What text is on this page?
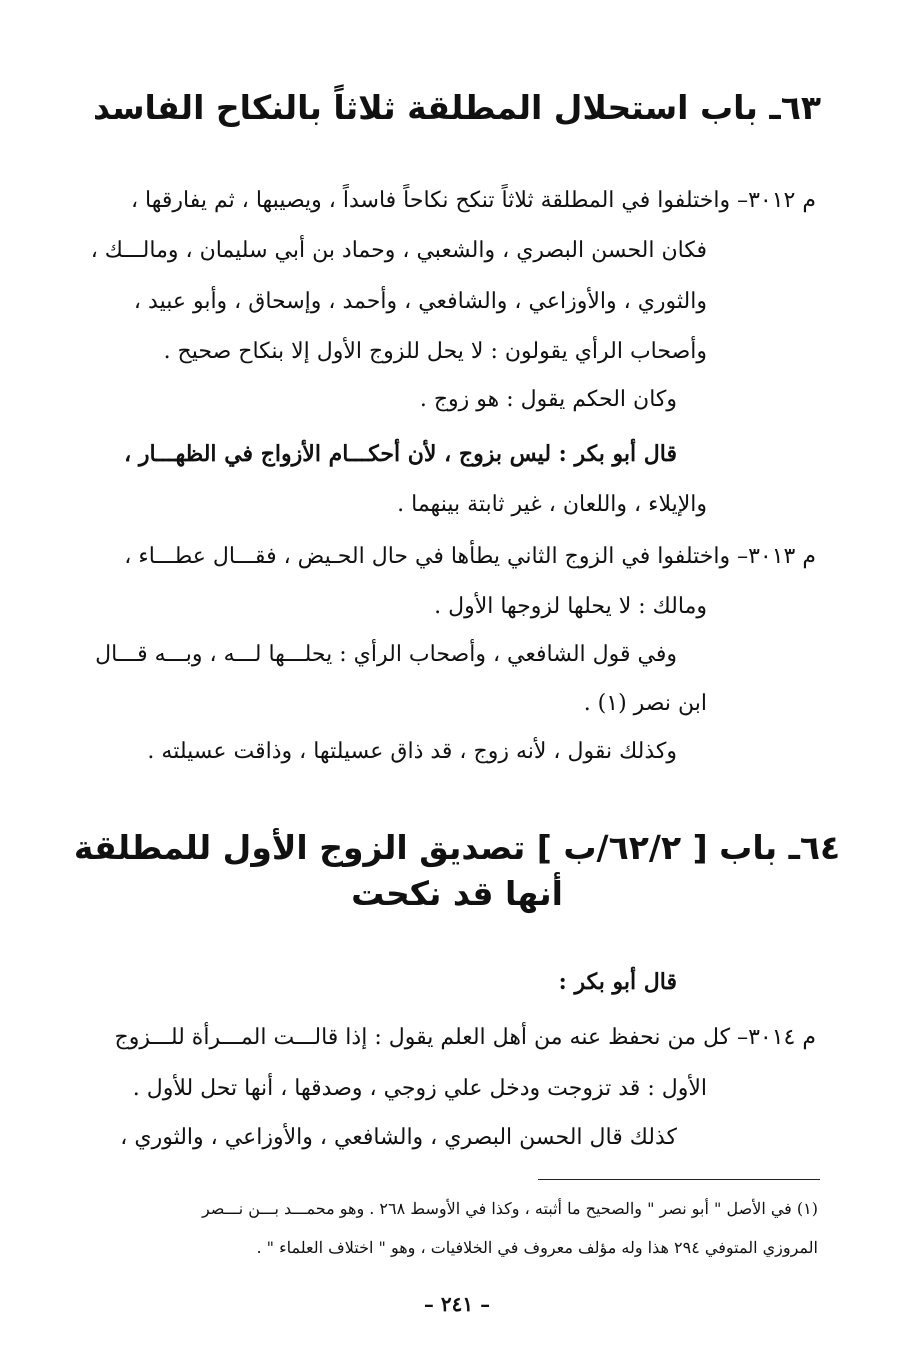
٦٣ـ باب استحلال المطلقة ثلاثاً بالنكاح الفاسد
م ٣٠١٢– واختلفوا في المطلقة ثلاثاً تنكح نكاحاً فاسداً ، ويصيبها ، ثم يفارقها ،
فكان الحسن البصري ، والشعبي ، وحماد بن أبي سليمان ، ومالـــك ،
والثوري ، والأوزاعي ، والشافعي ، وأحمد ، وإسحاق ، وأبو عبيد ،
وأصحاب الرأي يقولون : لا يحل للزوج الأول إلا بنكاح صحيح .
وكان الحكم يقول : هو زوج .
قال أبو بكر : ليس بزوج ، لأن أحكـــام الأزواج في الظهـــار ،
والإيلاء ، واللعان ، غير ثابتة بينهما .
م ٣٠١٣– واختلفوا في الزوج الثاني يطأها في حال الحـيض ، فقـــال عطـــاء ،
ومالك : لا يحلها لزوجها الأول .
وفي قول الشافعي ، وأصحاب الرأي : يحلـــها لـــه ، وبـــه قـــال
ابن نصر (١) .
وكذلك نقول ، لأنه زوج ، قد ذاق عسيلتها ، وذاقت عسيلته .
٦٤ـ باب [ ٦٢/٢/ب ] تصديق الزوج الأول للمطلقة
أنها قد نكحت
قال أبو بكر :
م ٣٠١٤– كل من نحفظ عنه من أهل العلم يقول : إذا قالـــت المـــرأة للـــزوج
الأول : قد تزوجت ودخل علي زوجي ، وصدقها ، أنها تحل للأول .
كذلك قال الحسن البصري ، والشافعي ، والأوزاعي ، والثوري ،
(١) في الأصل " أبو نصر " والصحيح ما أثبته ، وكذا في الأوسط ٢٦٨ . وهو محمـــد بـــن نـــصر
المروزي المتوفي ٢٩٤ هذا وله مؤلف معروف في الخلافيات ، وهو " اختلاف العلماء " .
– ٢٤١ –
